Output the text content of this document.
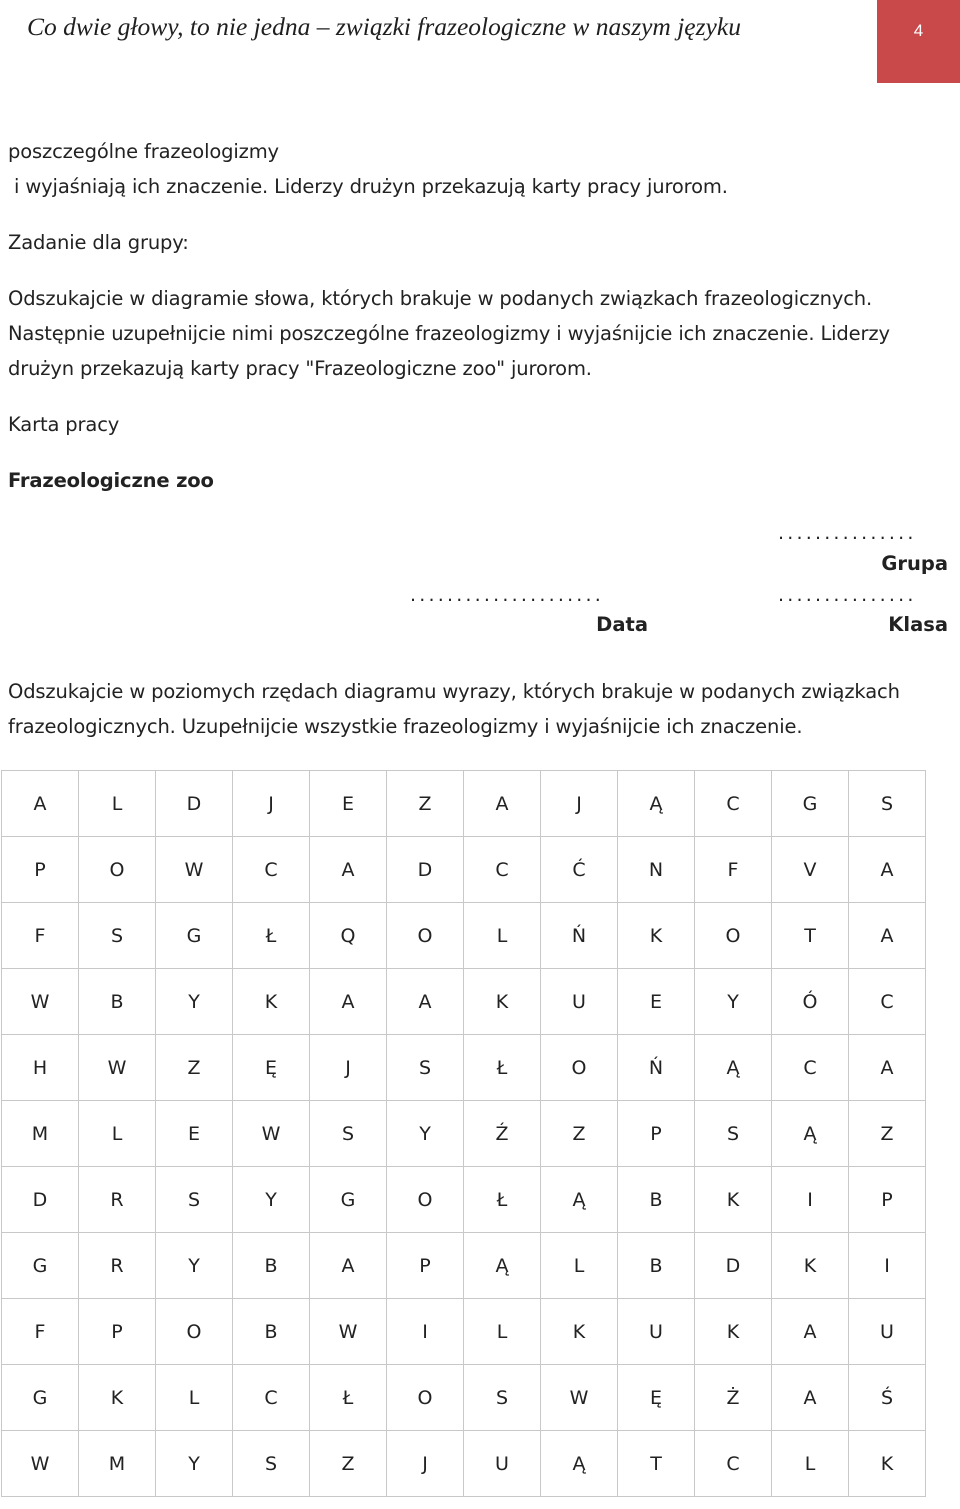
Co dwie głowy, to nie jedna – związki frazeologiczne w naszym języku	4
poszczególne frazeologizmy
i wyjaśniają ich znaczenie. Liderzy drużyn przekazują karty pracy jurorom.
Zadanie dla grupy:
Odszukajcie w diagramie słowa, których brakuje w podanych związkach frazeologicznych. Następnie uzupełnijcie nimi poszczególne frazeologizmy i wyjaśnijcie ich znaczenie. Liderzy drużyn przekazują karty pracy "Frazeologiczne zoo" jurorom.
Karta pracy
Frazeologiczne zoo
...............
Grupa
.....................
Data
...............
Klasa
Odszukajcie w poziomych rzędach diagramu wyrazy, których brakuje w podanych związkach frazeologicznych. Uzupełnijcie wszystkie frazeologizmy i wyjaśnijcie ich znaczenie.
A	L	D	J	E	Z	A	J	Ą	C	G	S
P	O	W	C	A	D	C	Ć	N	F	V	A
F	S	G	Ł	Q	O	L	Ń	K	O	T	A
W	B	Y	K	A	A	K	U	E	Y	Ó	C
H	W	Z	Ę	J	S	Ł	O	Ń	Ą	C	A
M	L	E	W	S	Y	Ź	Z	P	S	Ą	Z
D	R	S	Y	G	O	Ł	Ą	B	K	I	P
G	R	Y	B	A	P	Ą	L	B	D	K	I
F	P	O	B	W	I	L	K	U	K	A	U
G	K	L	C	Ł	O	S	W	Ę	Ż	A	Ś
W	M	Y	S	Z	J	U	Ą	T	C	L	K
